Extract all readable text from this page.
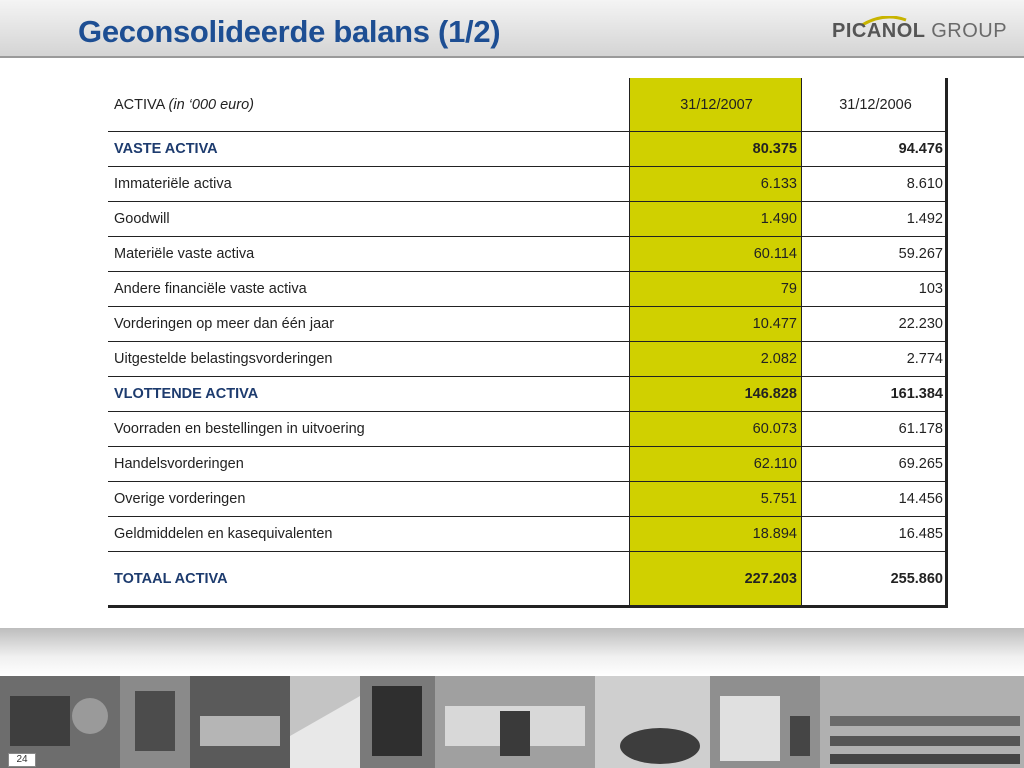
Geconsolideerde balans (1/2)	PICANOL GROUP
ACTIVA (in ‘000 euro)	31/12/2007	31/12/2006
VASTE ACTIVA	80.375	94.476
Immateriële activa	6.133	8.610
Goodwill	1.490	1.492
Materiële vaste activa	60.114	59.267
Andere financiële vaste activa	79	103
Vorderingen op meer dan één jaar	10.477	22.230
Uitgestelde belastingsvorderingen	2.082	2.774
VLOTTENDE ACTIVA	146.828	161.384
Voorraden en bestellingen in uitvoering	60.073	61.178
Handelsvorderingen	62.110	69.265
Overige vorderingen	5.751	14.456
Geldmiddelen en kasequivalenten	18.894	16.485
TOTAAL ACTIVA	227.203	255.860
24
